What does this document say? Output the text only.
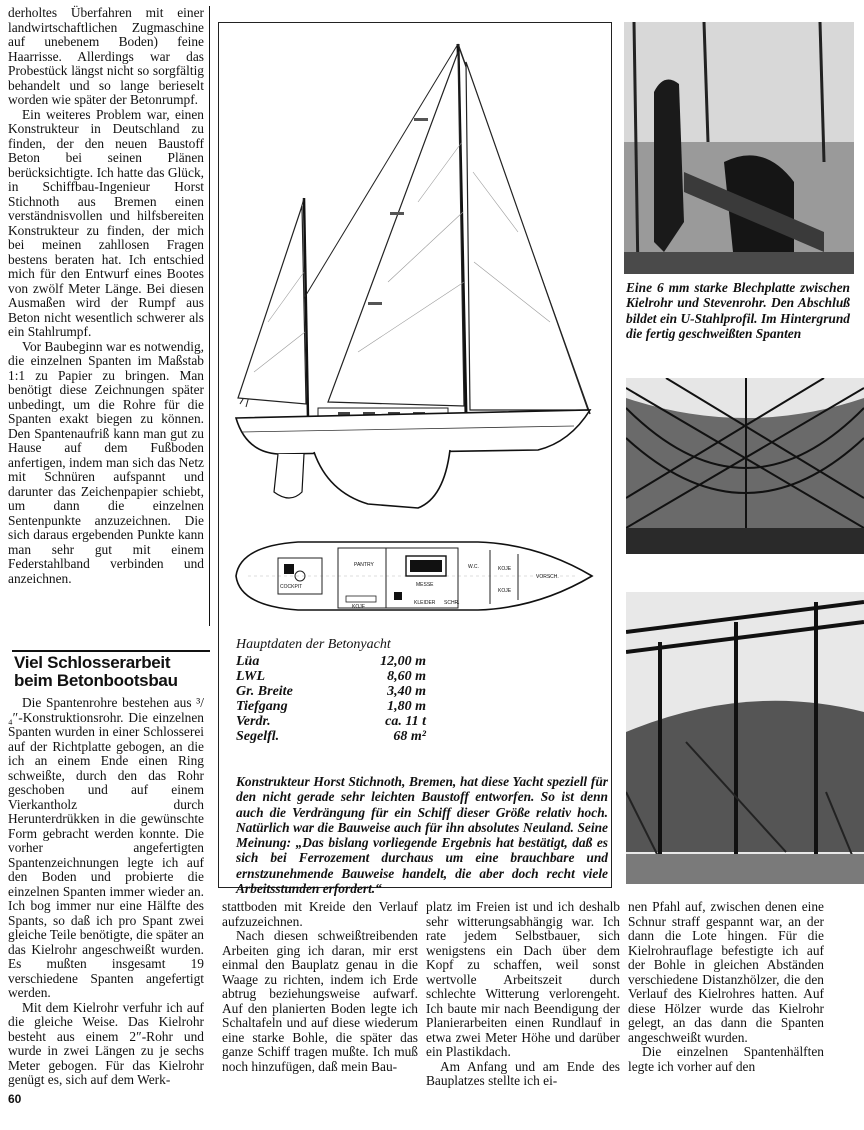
derholtes Überfahren mit einer landwirtschaftlichen Zugmaschine auf unebenem Boden) feine Haarrisse. Allerdings war das Probestück längst nicht so sorgfältig behandelt und so lange berieselt worden wie später der Betonrumpf.

Ein weiteres Problem war, einen Konstrukteur in Deutschland zu finden, der den neuen Baustoff Beton bei seinen Plänen berücksichtigte. Ich hatte das Glück, in Schiffbau-Ingenieur Horst Stichnoth aus Bremen einen verständnisvollen und hilfsbereiten Konstrukteur zu finden, der mich bei meinen zahllosen Fragen bestens beraten hat. Ich entschied mich für den Entwurf eines Bootes von zwölf Meter Länge. Bei diesen Ausmaßen wird der Rumpf aus Beton nicht wesentlich schwerer als ein Stahlrumpf.

Vor Baubeginn war es notwendig, die einzelnen Spanten im Maßstab 1:1 zu Papier zu bringen. Man benötigt diese Zeichnungen später unbedingt, um die Rohre für die Spanten exakt biegen zu können. Den Spantenaufriß kann man gut zu Hause auf dem Fußboden anfertigen, indem man sich das Netz mit Schnüren aufspannt und darunter das Zeichenpapier schiebt, um dann die einzelnen Sentenpunkte anzuzeichnen. Die sich daraus ergebenden Punkte kann man sehr gut mit einem Federstahlband verbinden und anzeichnen.

Viel Schlosserarbeit beim Betonbootsbau

Die Spantenrohre bestehen aus ³/₄″-Konstruktionsrohr. Die einzelnen Spanten wurden in einer Schlosserei auf der Richtplatte gebogen, an die ich an einem Ende einen Ring schweißte, durch den das Rohr geschoben und auf einem Vierkantholz durch Herunterdrükken in die gewünschte Form gebracht werden konnte. Die vorher angefertigten Spantenzeichnungen legte ich auf den Boden und probierte die einzelnen Spanten immer wieder an. Ich bog immer nur eine Hälfte des Spants, so daß ich pro Spant zwei gleiche Teile benötigte, die später an das Kielrohr angeschweißt wurden. Es mußten insgesamt 19 verschiedene Spanten angefertigt werden.

Mit dem Kielrohr verfuhr ich auf die gleiche Weise. Das Kielrohr besteht aus einem 2″-Rohr und wurde in zwei Längen zu je sechs Meter gebogen. Für das Kielrohr genügt es, sich auf dem Werk-

COCKPIT
PANTRY
MESSE
W.C.	KOJE
KOJE
KOJE
KLEIDER SCHR.
VORSCH.
Hauptdaten der Betonyacht
Lüa	12,00 m
LWL	8,60 m
Gr. Breite	3,40 m
Tiefgang	1,80 m
Verdr.	ca. 11 t
Segelfl.	68 m²
Konstrukteur Horst Stichnoth, Bremen, hat diese Yacht speziell für den nicht gerade sehr leichten Baustoff entworfen. So ist denn auch die Verdrängung für ein Schiff dieser Größe relativ hoch. Natürlich war die Bauweise auch für ihn absolutes Neuland. Seine Meinung: „Das bislang vorliegende Ergebnis hat bestätigt, daß es sich bei Ferrozement durchaus um eine brauchbare und ernstzunehmende Bauweise handelt, die aber doch recht viele Arbeitsstunden erfordert.“
Eine 6 mm starke Blechplatte zwischen Kielrohr und Stevenrohr. Den Abschluß bildet ein U-Stahlprofil. Im Hintergrund die fertig geschweißten Spanten

stattboden mit Kreide den Verlauf aufzuzeichnen.

Nach diesen schweißtreibenden Arbeiten ging ich daran, mir erst einmal den Bauplatz genau in die Waage zu richten, indem ich Erde abtrug beziehungsweise aufwarf. Auf den planierten Boden legte ich Schaltafeln und auf diese wiederum eine starke Bohle, die später das ganze Schiff tragen mußte. Ich muß noch hinzufügen, daß mein Bau-

platz im Freien ist und ich deshalb sehr witterungsabhängig war. Ich rate jedem Selbstbauer, sich wenigstens ein Dach über dem Kopf zu schaffen, weil sonst wertvolle Arbeitszeit durch schlechte Witterung verlorengeht. Ich baute mir nach Beendigung der Planierarbeiten einen Rundlauf in etwa zwei Meter Höhe und darüber ein Plastikdach.

Am Anfang und am Ende des Bauplatzes stellte ich ei-

nen Pfahl auf, zwischen denen eine Schnur straff gespannt war, an der dann die Lote hingen. Für die Kielrohrauflage befestigte ich auf der Bohle in gleichen Abständen verschiedene Distanzhölzer, die den Verlauf des Kielrohres hatten. Auf diese Hölzer wurde das Kielrohr gelegt, an das dann die Spanten angeschweißt wurden.

Die einzelnen Spantenhälften legte ich vorher auf den

60
